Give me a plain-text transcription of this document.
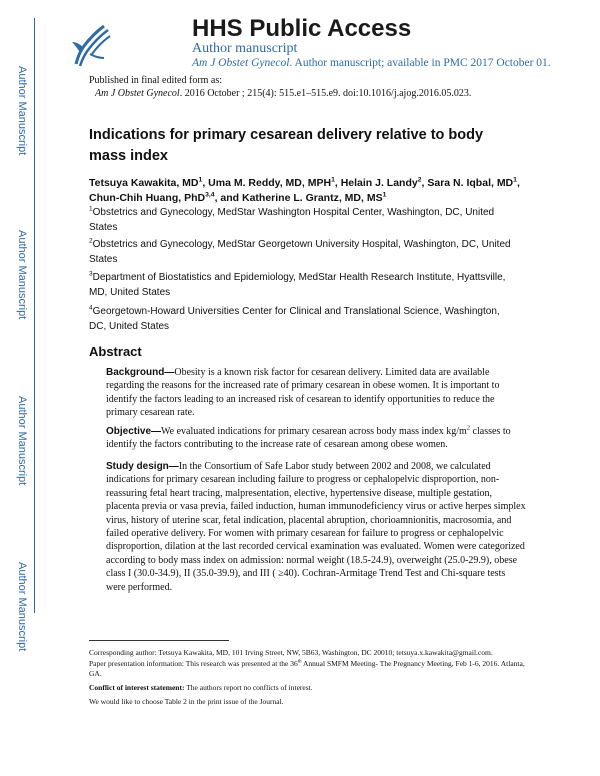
Author Manuscript
Author Manuscript
Author Manuscript
Author Manuscript
HHS Public Access
Author manuscript
Am J Obstet Gynecol. Author manuscript; available in PMC 2017 October 01.
Published in final edited form as:
Am J Obstet Gynecol. 2016 October ; 215(4): 515.e1–515.e9. doi:10.1016/j.ajog.2016.05.023.
Indications for primary cesarean delivery relative to body mass index
Tetsuya Kawakita, $MD^1$, Uma M. Reddy, MD, MPH$^1$, Helain J. Landy$^2$, Sara N. Iqbal, $MD^1$,
Chun-Chih Huang, PhD$^{3,4}$, and Katherine L. Grantz, MD, $MS^1$
$^1$Obstetrics and Gynecology, MedStar Washington Hospital Center, Washington, DC, United States
$^2$Obstetrics and Gynecology, MedStar Georgetown University Hospital, Washington, DC, United States
$^3$Department of Biostatistics and Epidemiology, MedStar Health Research Institute, Hyattsville, MD, United States
$^4$Georgetown-Howard Universities Center for Clinical and Translational Science, Washington, DC, United States
Abstract
Background—Obesity is a known risk factor for cesarean delivery. Limited data are available regarding the reasons for the increased rate of primary cesarean in obese women. It is important to identify the factors leading to an increased risk of cesarean to identify opportunities to reduce the primary cesarean rate.
Objective—We evaluated indications for primary cesarean across body mass index $kg/m^2$ classes to identify the factors contributing to the increase rate of cesarean among obese women.
Study design—In the Consortium of Safe Labor study between 2002 and 2008, we calculated indications for primary cesarean including failure to progress or cephalopelvic disproportion, non-reassuring fetal heart tracing, malpresentation, elective, hypertensive disease, multiple gestation, placenta previa or vasa previa, failed induction, human immunodeficiency virus or active herpes simplex virus, history of uterine scar, fetal indication, placental abruption, chorioamnionitis, macrosomia, and failed operative delivery. For women with primary cesarean for failure to progress or cephalopelvic disproportion, dilation at the last recorded cervical examination was evaluated. Women were categorized according to body mass index on admission: normal weight (18.5-24.9), overweight (25.0-29.9), obese class I (30.0-34.9), II (35.0-39.9), and III ( ≥40). Cochran-Armitage Trend Test and Chi-square tests were performed.
Corresponding author: Tetsuya Kawakita, MD, 101 Irving Street, NW, 5B63, Washington, DC 20010; tetsuya.x.kawakita@gmail.com.
Paper presentation information: This research was presented at the 36th Annual SMFM Meeting- The Pregnancy Meeting, Feb 1-6, 2016. Atlanta, GA.
Conflict of interest statement: The authors report no conflicts of interest.
We would like to choose Table 2 in the print issue of the Journal.
